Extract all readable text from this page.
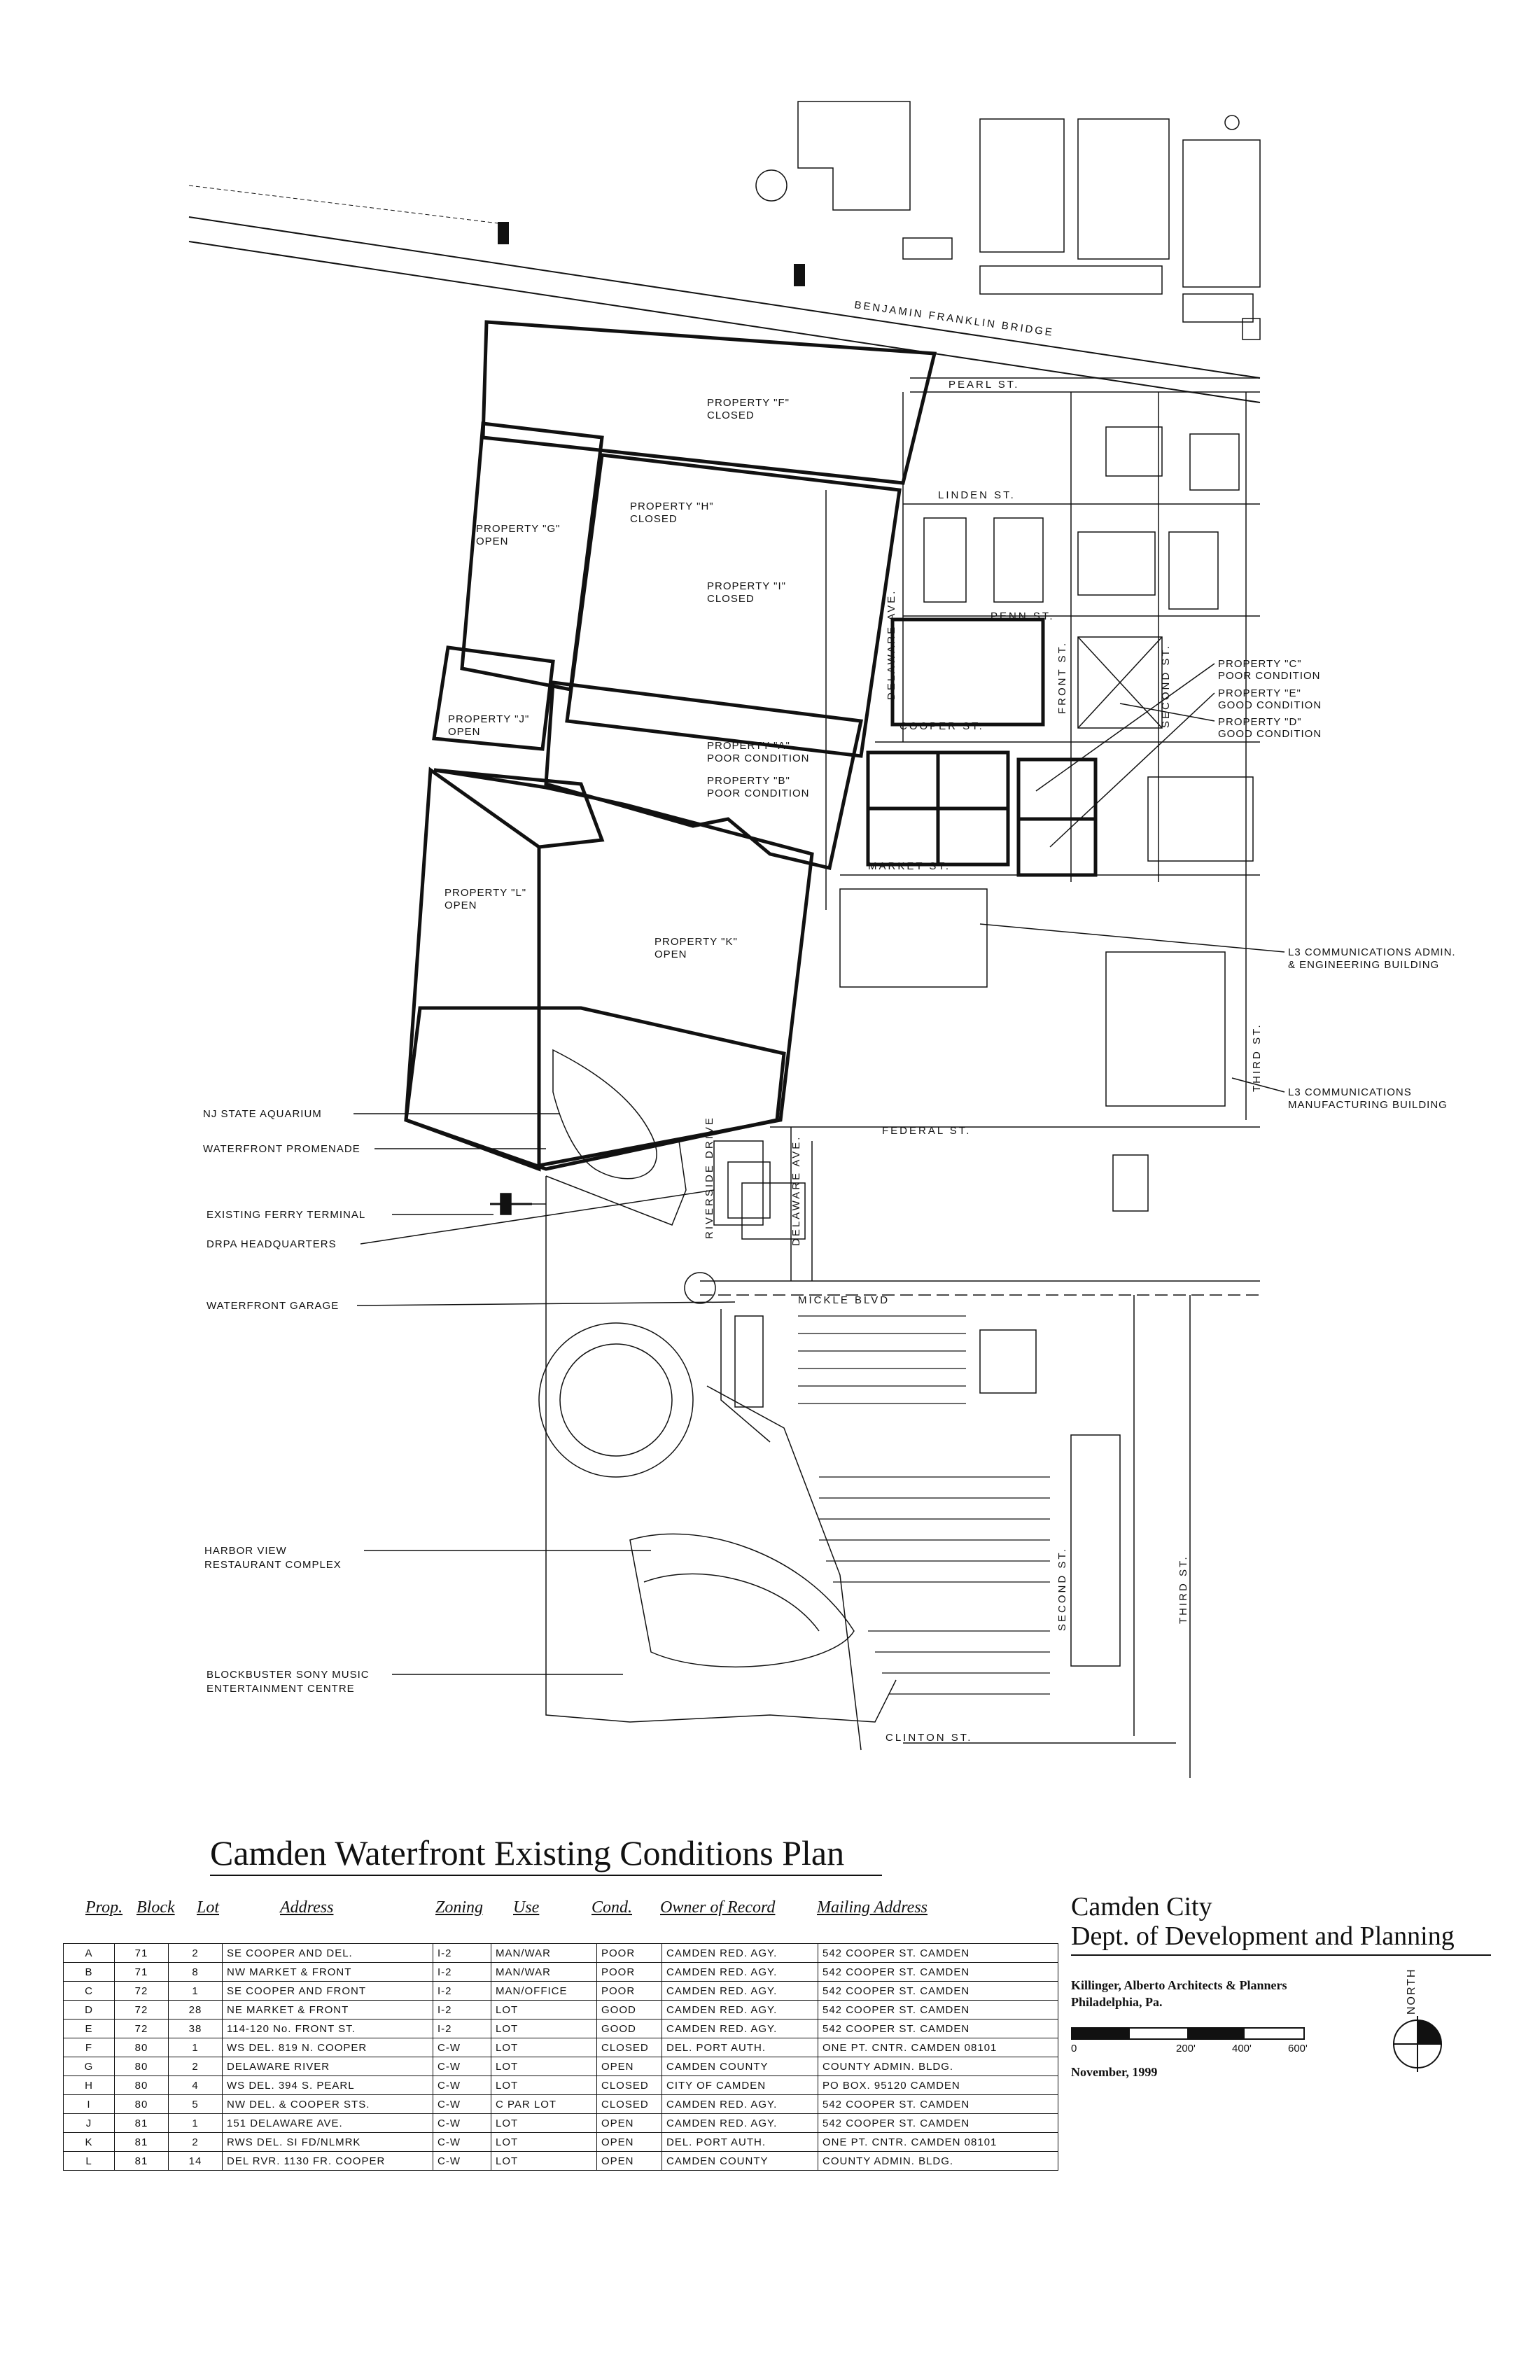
BENJAMIN FRANKLIN BRIDGE
PEARL ST.
LINDEN ST.
PENN ST.
COOPER ST.
MARKET ST.
FEDERAL ST.
MICKLE BLVD
CLINTON ST.
DELAWARE AVE.
DELAWARE AVE.
FRONT ST.	SECOND ST.
THIRD ST.
SECOND ST.	THIRD ST.
RIVERSIDE DRIVE
PROPERTY "F"
CLOSED
PROPERTY "G"
OPEN
PROPERTY "H"
CLOSED
PROPERTY "I"
CLOSED
PROPERTY "J"
OPEN
PROPERTY "A"
POOR CONDITION
PROPERTY "B"
POOR CONDITION
PROPERTY "L"
OPEN
PROPERTY "K"
OPEN
PROPERTY "C"
POOR CONDITION
PROPERTY "E"
GOOD CONDITION
PROPERTY "D"
GOOD CONDITION
L3 COMMUNICATIONS ADMIN.
& ENGINEERING BUILDING
L3 COMMUNICATIONS
MANUFACTURING BUILDING
NJ STATE AQUARIUM
WATERFRONT PROMENADE
EXISTING FERRY TERMINAL
DRPA HEADQUARTERS
WATERFRONT GARAGE
HARBOR VIEW
RESTAURANT COMPLEX
BLOCKBUSTER SONY MUSIC
ENTERTAINMENT CENTRE
Camden Waterfront Existing Conditions Plan
Prop. Block Lot	Address	Zoning Use	Cond. Owner of Record Mailing Address
A	71	2	SE COOPER AND DEL.	I-2	MAN/WAR	POOR	CAMDEN RED. AGY.	542 COOPER ST. CAMDEN
B	71	8	NW MARKET & FRONT	I-2	MAN/WAR	POOR	CAMDEN RED. AGY.	542 COOPER ST. CAMDEN
C	72	1	SE COOPER AND FRONT	I-2	MAN/OFFICE	POOR	CAMDEN RED. AGY.	542 COOPER ST. CAMDEN
D	72	28	NE MARKET & FRONT	I-2	LOT	GOOD	CAMDEN RED. AGY.	542 COOPER ST. CAMDEN
E	72	38	114-120 No. FRONT ST.	I-2	LOT	GOOD	CAMDEN RED. AGY.	542 COOPER ST. CAMDEN
F	80	1	WS DEL. 819 N. COOPER	C-W	LOT	CLOSED	DEL. PORT AUTH.	ONE PT. CNTR. CAMDEN 08101
G	80	2	DELAWARE RIVER	C-W	LOT	OPEN	CAMDEN COUNTY	COUNTY ADMIN. BLDG.
H	80	4	WS DEL. 394 S. PEARL	C-W	LOT	CLOSED	CITY OF CAMDEN	PO BOX. 95120 CAMDEN
I	80	5	NW DEL. & COOPER STS.	C-W	C PAR LOT	CLOSED	CAMDEN RED. AGY.	542 COOPER ST. CAMDEN
J	81	1	151 DELAWARE AVE.	C-W	LOT	OPEN	CAMDEN RED. AGY.	542 COOPER ST. CAMDEN
K	81	2	RWS DEL. SI FD/NLMRK	C-W	LOT	OPEN	DEL. PORT AUTH.	ONE PT. CNTR. CAMDEN 08101
L	81	14	DEL RVR. 1130 FR. COOPER	C-W	LOT	OPEN	CAMDEN COUNTY	COUNTY ADMIN. BLDG.
Camden City
Dept. of Development and Planning
Killinger, Alberto Architects & Planners
Philadelphia, Pa.
0	200'	400'	600'
November, 1999
NORTH
